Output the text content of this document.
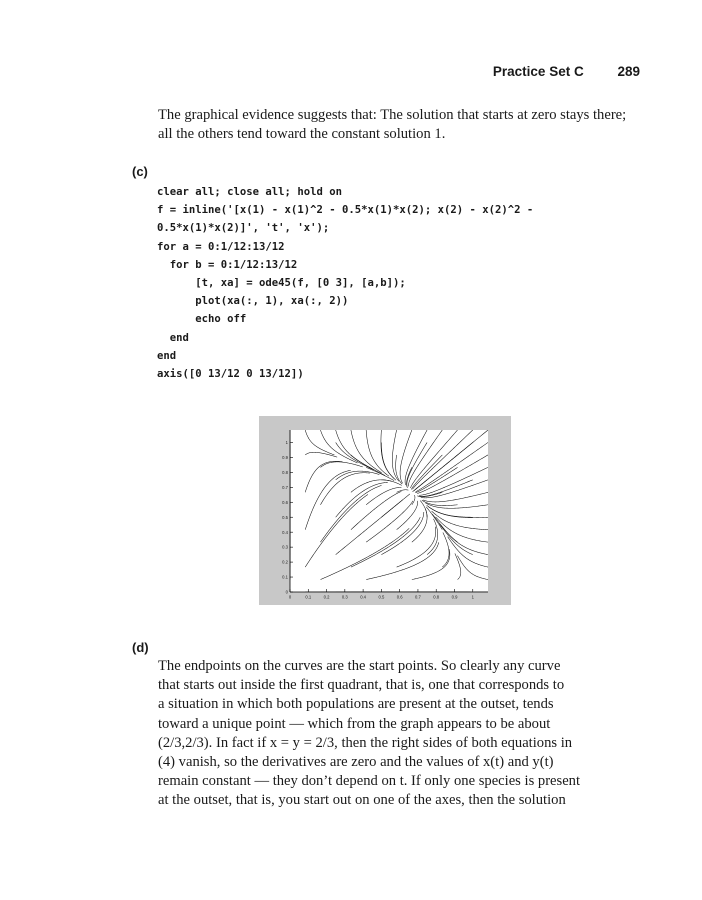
Practice Set C	289

The graphical evidence suggests that: The solution that starts at zero stays there; all the others tend toward the constant solution 1.

(c)
clear all; close all; hold on
f = inline('[x(1) - x(1)^2 - 0.5*x(1)*x(2); x(2) - x(2)^2 -
0.5*x(1)*x(2)]', 't', 'x');
for a = 0:1/12:13/12
for b = 0:1/12:13/12
[t, xa] = ode45(f, [0 3], [a,b]);
plot(xa(:, 1), xa(:, 2))
echo off
end
end
axis([0 13/12 0 13/12])
1
0.9
0.8
0.7
0.6
0.5
0.4
0.3
0.2
0.1
0
0	0.1	0.2	0.3	0.4	0.5	0.6	0.7	0.8	0.9	1
(d)
The endpoints on the curves are the start points. So clearly any curve
that starts out inside the first quadrant, that is, one that corresponds to
a situation in which both populations are present at the outset, tends
toward a unique point — which from the graph appears to be about
(2/3,2/3). In fact if x = y = 2/3, then the right sides of both equations in
(4) vanish, so the derivatives are zero and the values of x(t) and y(t)
remain constant — they don’t depend on t. If only one species is present
at the outset, that is, you start out on one of the axes, then the solution
